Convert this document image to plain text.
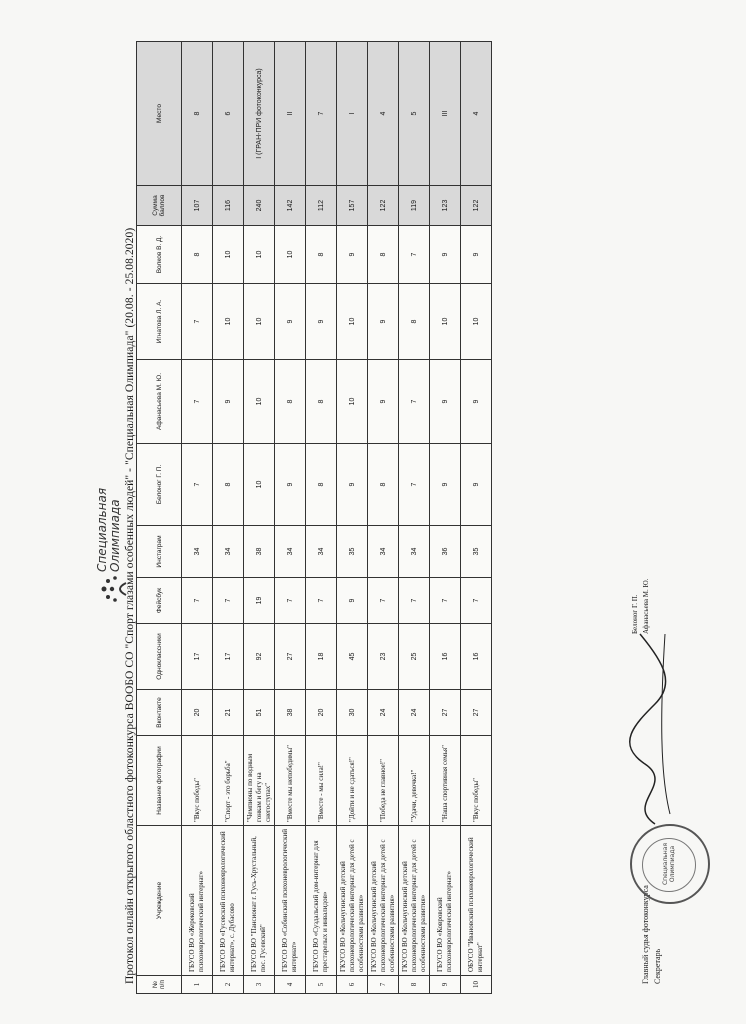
Специальная Олимпиада Протокол онлайн открытого областного фотоконкурса ВООБО СО "Спорт глазами особенных людей" - "Специальная Олимпиада" (20.08. - 25.08.2020)
№ п/п	Учреждение	Название фотографии	Вконтакте	Одноклассники	Фейсбук	Инстаграм	Белоног Г. П.	Афанасьева М. Ю.	Игнатова Л. А.	Волков В. Д.	Сумма баллов	Место
1	ГБУСО ВО «Жерековский психоневрологический интернат»	"Вкус победы"	20	17	7	34	7	7	7	8	107	8
2	ГБУСО ВО «Гусевский психоневрологический интернат», с. Дубасово	"Спорт - это борьба"	21	17	7	34	8	9	10	10	116	6
3	ГБУСО ВО "Пансионат г. Гусь-Хрустальный, пос. Гусевский"	"Чемпионы по водным гонкам и бегу на снегоступах"	51	92	19	38	10	10	10	10	240	I (ГРАН-ПРИ фотоконкурса)
4	ГБУСО ВО «Собинский психоневрологический интернат»	"Вместе мы непобедимы"	38	27	7	34	9	8	9	10	142	II
5	ГБУСО ВО «Суздальский дом-интернат для престарелых и инвалидов»	"Вместе - мы сила!"	20	18	7	34	8	8	9	8	112	7
6	ГКУСО ВО «Кольчугинский детский психоневрологический интернат для детей с особенностями развития»	"Дойти и не сдаться!"	30	45	9	35	9	10	10	9	157	I
7	ГКУСО ВО «Кольчугинский детский психоневрологический интернат для детей с особенностями развития»	"Победа не главное!"	24	23	7	34	8	9	9	8	122	4
8	ГКУСО ВО «Кольчугинский детский психоневрологический интернат для детей с особенностями развития»	"Удачи, девочка!"	24	25	7	34	7	7	8	7	119	5
9	ГБУСО ВО «Ковровский психоневрологический интернат»	"Наша спортивная семья"	27	16	7	36	9	9	10	9	123	III
10	ОБУСО "Ивановский психоневрологический интернат"	"Вкус победы"	27	16	7	35	9	9	10	9	122	4
Главный судья фотоконкурса Секретарь
Специальная Олимпиада
Белоног Г. П. Афанасьева М. Ю.
